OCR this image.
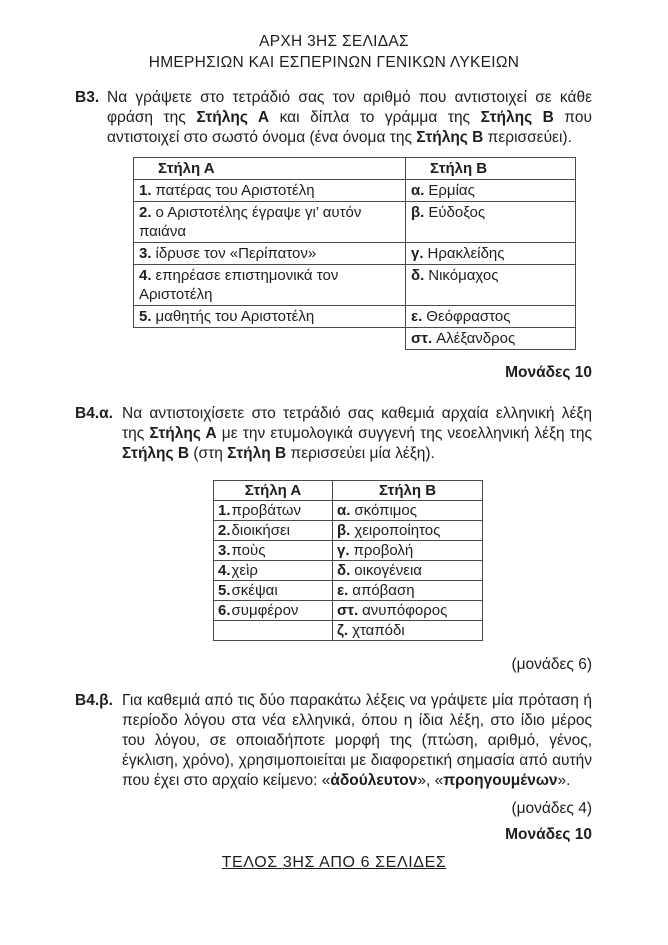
ΑΡΧΗ 3ΗΣ ΣΕΛΙΔΑΣ
ΗΜΕΡΗΣΙΩΝ ΚΑΙ ΕΣΠΕΡΙΝΩΝ ΓΕΝΙΚΩΝ ΛΥΚΕΙΩΝ
Β3. Να γράψετε στο τετράδιό σας τον αριθμό που αντιστοιχεί σε κάθε φράση της Στήλης Α και δίπλα το γράμμα της Στήλης Β που αντιστοιχεί στο σωστό όνομα (ένα όνομα της Στήλης Β περισσεύει).
Στήλη Α	Στήλη Β
1. πατέρας του Αριστοτέλη	α. Ερμίας
2. ο Αριστοτέλης έγραψε γι’ αυτόν παιάνα	β. Εύδοξος
3. ίδρυσε τον «Περίπατον»	γ. Ηρακλείδης
4. επηρέασε επιστημονικά τον Αριστοτέλη	δ. Νικόμαχος
5. μαθητής του Αριστοτέλη	ε. Θεόφραστος
	στ. Αλέξανδρος
Μονάδες 10
Β4.α. Να αντιστοιχίσετε στο τετράδιό σας καθεμιά αρχαία ελληνική λέξη της Στήλης Α με την ετυμολογικά συγγενή της νεοελληνική λέξη της Στήλης Β (στη Στήλη Β περισσεύει μία λέξη).
Στήλη Α	Στήλη Β
1.προβάτων	α. σκόπιμος
2.διοικήσει	β. χειροποίητος
3.ποὺς	γ. προβολή
4.χεὶρ	δ. οικογένεια
5.σκέψαι	ε. απόβαση
6.συμφέρον	στ. ανυπόφορος
	ζ. χταπόδι
(μονάδες 6)
Β4.β. Για καθεμιά από τις δύο παρακάτω λέξεις να γράψετε μία πρόταση ή περίοδο λόγου στα νέα ελληνικά, όπου η ίδια λέξη, στο ίδιο μέρος του λόγου, σε οποιαδήποτε μορφή της (πτώση, αριθμό, γένος, έγκλιση, χρόνο), χρησιμοποιείται με διαφορετική σημασία από αυτήν που έχει στο αρχαίο κείμενο: «ἀδούλευτον», «προηγουμένων».
(μονάδες 4)
Μονάδες 10
ΤΕΛΟΣ 3ΗΣ ΑΠΟ 6 ΣΕΛΙΔΕΣ
